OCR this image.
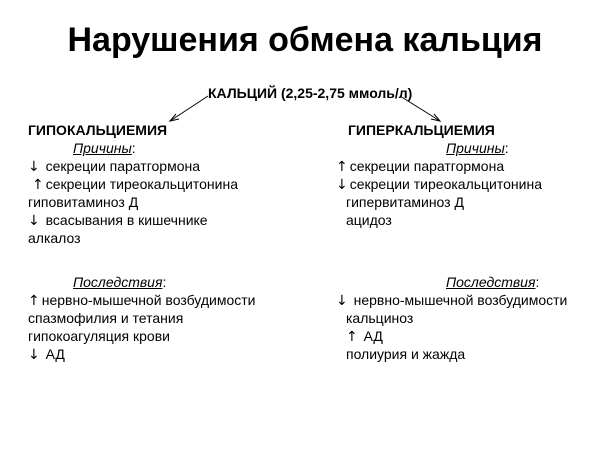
Нарушения обмена кальция
КАЛЬЦИЙ (2,25-2,75 ммоль/л)
ГИПОКАЛЬЦИЕМИЯ
Причины:
↓ секреции паратгормона
↑ секреции тиреокальцитонина
гиповитаминоз Д
↓ всасывания в кишечнике
алкалоз
Последствия:
↑ нервно-мышечной возбудимости
спазмофилия и тетания
гипокоагуляция крови
↓ АД
ГИПЕРКАЛЬЦИЕМИЯ
Причины:
↑ секреции паратгормона
↓ секреции тиреокальцитонина
гипервитаминоз Д
ацидоз
Последствия:
↓ нервно-мышечной возбудимости
кальциноз
↑ АД
полиурия и жажда
